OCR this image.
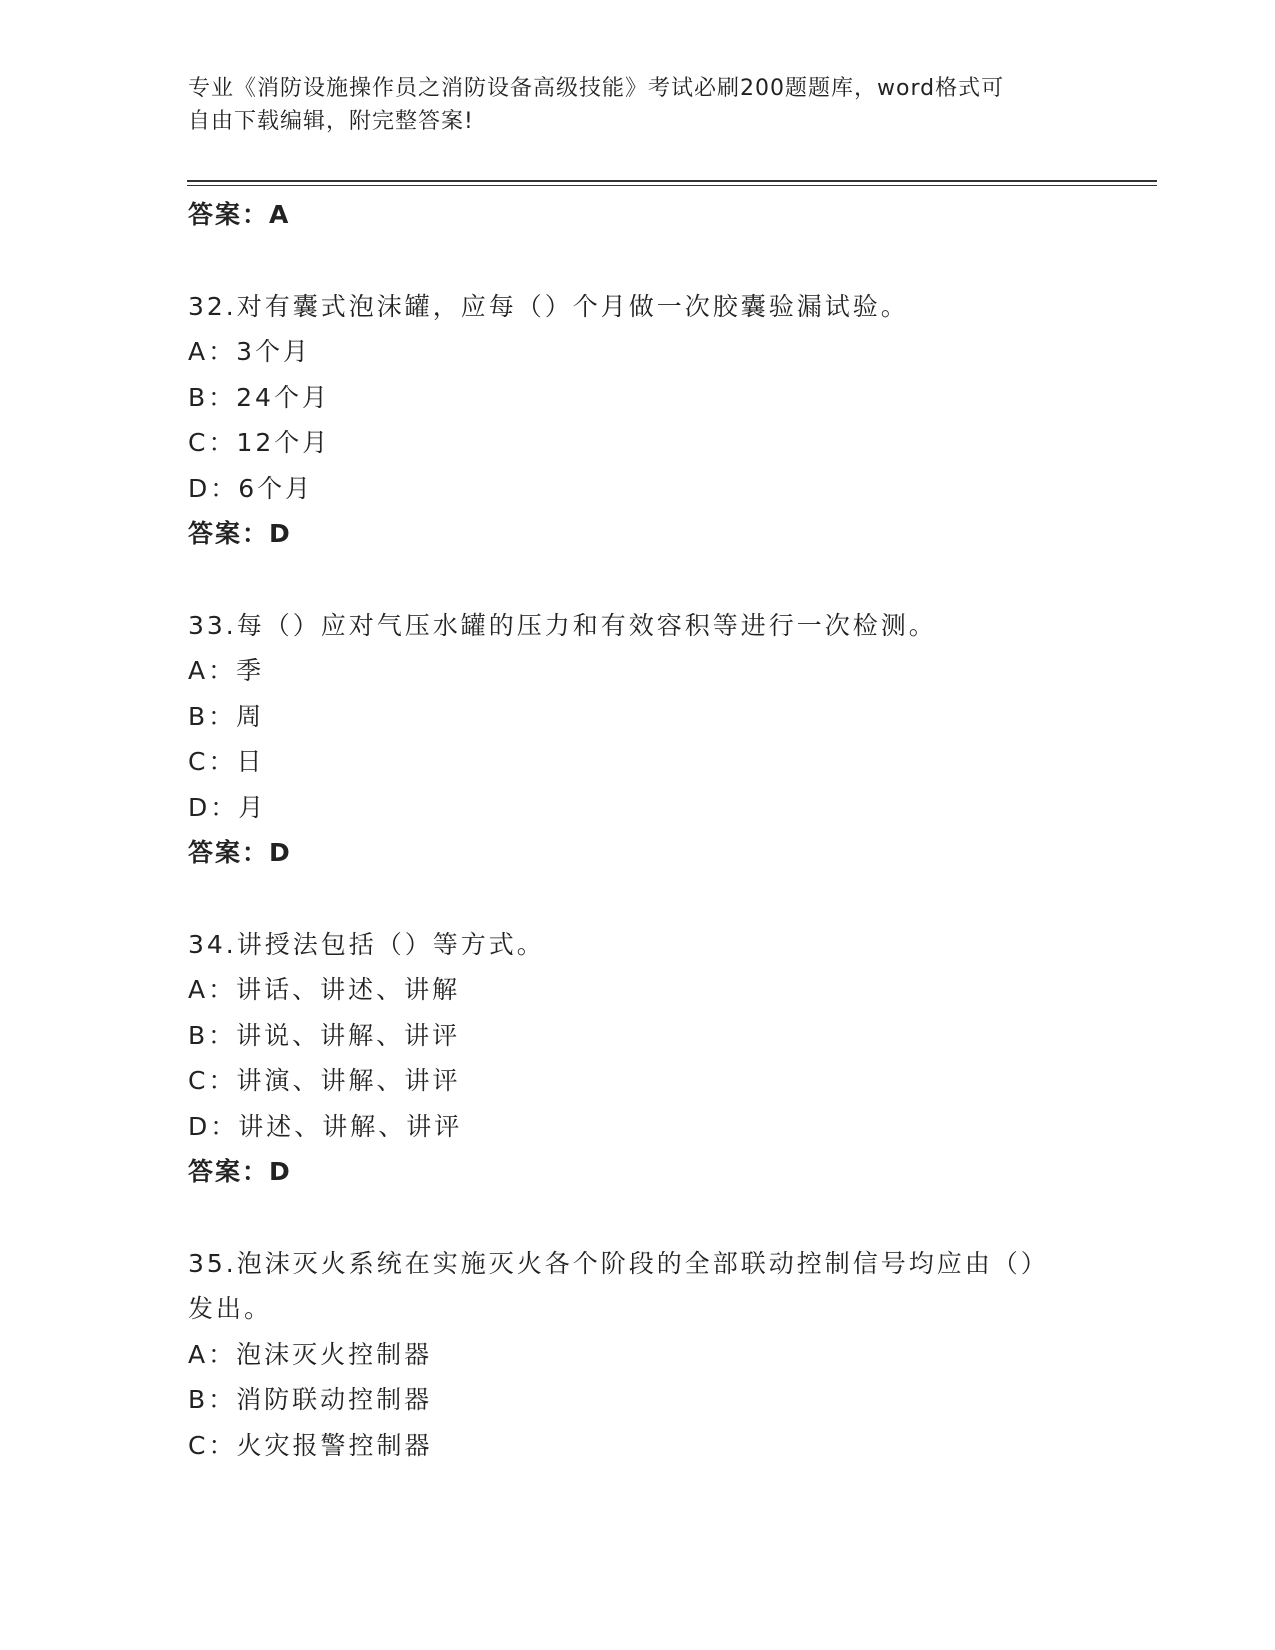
专业《消防设施操作员之消防设备高级技能》考试必刷200题题库，word格式可
自由下载编辑，附完整答案!
答案：A
32.对有囊式泡沫罐，应每（）个月做一次胶囊验漏试验。
A：3个月
B：24个月
C：12个月
D：6个月
答案：D
33.每（）应对气压水罐的压力和有效容积等进行一次检测。
A：季
B：周
C：日
D：月
答案：D
34.讲授法包括（）等方式。
A：讲话、讲述、讲解
B：讲说、讲解、讲评
C：讲演、讲解、讲评
D：讲述、讲解、讲评
答案：D
35.泡沫灭火系统在实施灭火各个阶段的全部联动控制信号均应由（）
发出。
A：泡沫灭火控制器
B：消防联动控制器
C：火灾报警控制器
